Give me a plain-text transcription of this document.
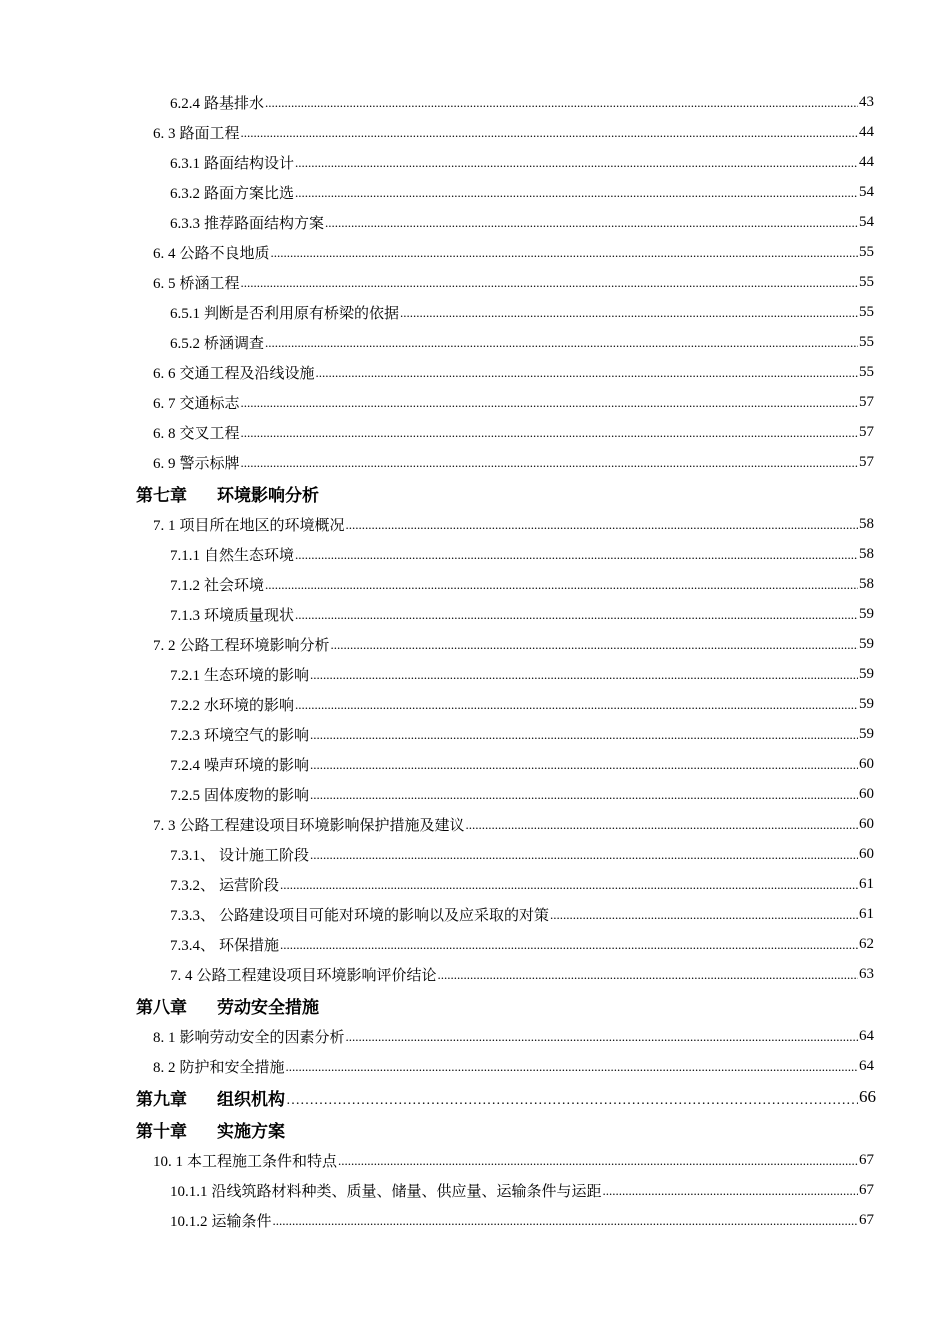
6.2.4 路基排水 .....	43
6. 3 路面工程 .....	44
6.3.1 路面结构设计 .....	44
6.3.2 路面方案比选 .....	54
6.3.3 推荐路面结构方案 .....	54
6. 4 公路不良地质 .....	55
6. 5 桥涵工程 .....	55
6.5.1 判断是否利用原有桥梁的依据 .....	55
6.5.2 桥涵调查 .....	55
6. 6 交通工程及沿线设施 .....	55
6. 7 交通标志 .....	57
6. 8 交叉工程 .....	57
6. 9 警示标牌 .....	57
第七章 环境影响分析
7. 1 项目所在地区的环境概况 .....	58
7.1.1 自然生态环境 .....	58
7.1.2 社会环境 .....	58
7.1.3 环境质量现状 .....	59
7. 2 公路工程环境影响分析 .....	59
7.2.1 生态环境的影响 .....	59
7.2.2 水环境的影响 .....	59
7.2.3 环境空气的影响 .....	59
7.2.4 噪声环境的影响 .....	60
7.2.5 固体废物的影响 .....	60
7. 3 公路工程建设项目环境影响保护措施及建议 .....	60
7.3.1、 设计施工阶段 .....	60
7.3.2、 运营阶段 .....	61
7.3.3、 公路建设项目可能对环境的影响以及应采取的对策 .....	61
7.3.4、 环保措施 .....	62
7. 4 公路工程建设项目环境影响评价结论 .....	63
第八章 劳动安全措施
8. 1 影响劳动安全的因素分析 .....	64
8. 2 防护和安全措施 .....	64
第九章 组织机构 …………………………………………………………………………………………………………………………………………………………	66
第十章 实施方案
10. 1 本工程施工条件和特点 .....	67
10.1.1 沿线筑路材料种类、质量、储量、供应量、运输条件与运距 .....	67
10.1.2 运输条件 .....	67
